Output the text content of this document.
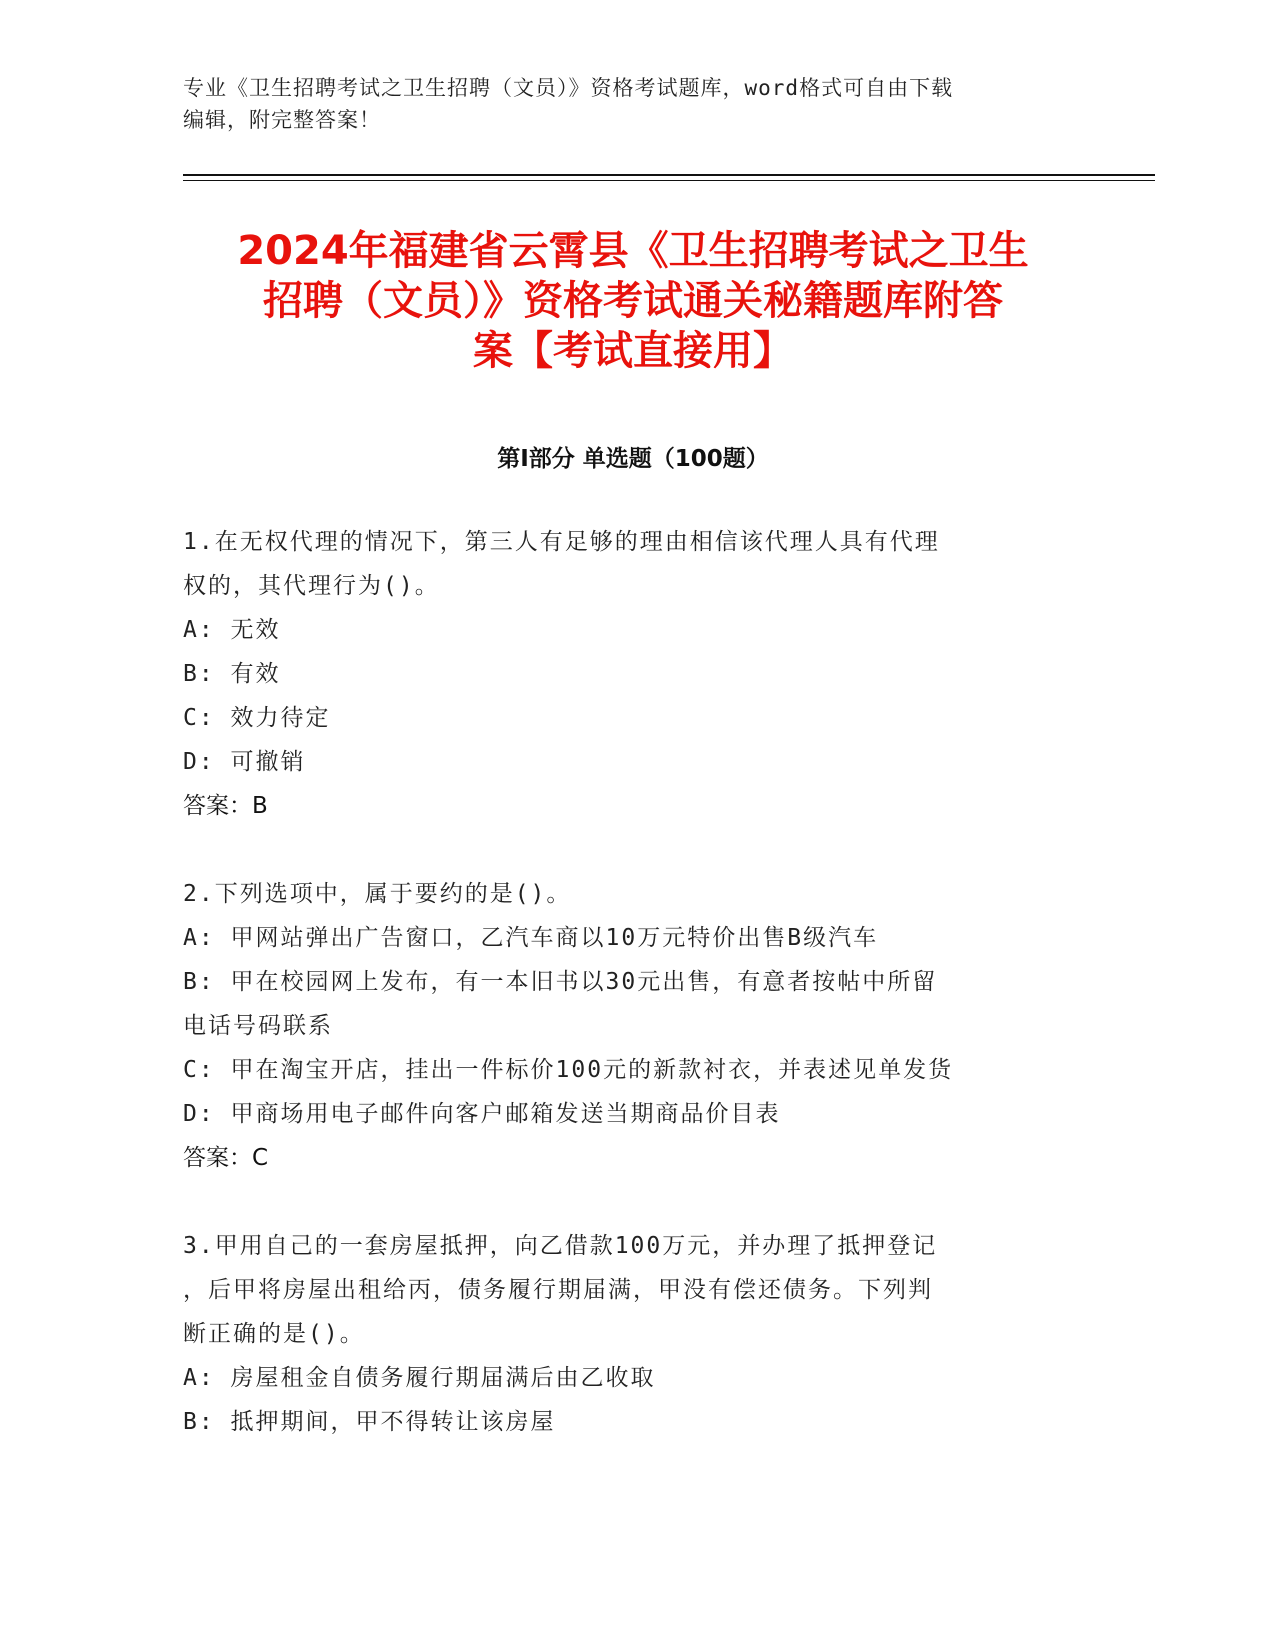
专业《卫生招聘考试之卫生招聘（文员）》资格考试题库，word格式可自由下载
编辑，附完整答案！
2024年福建省云霄县《卫生招聘考试之卫生
招聘（文员）》资格考试通关秘籍题库附答
案【考试直接用】
第Ⅰ部分 单选题（100题）
1.在无权代理的情况下，第三人有足够的理由相信该代理人具有代理
权的，其代理行为()。
A: 无效
B: 有效
C: 效力待定
D: 可撤销
答案：B
2.下列选项中，属于要约的是()。
A: 甲网站弹出广告窗口，乙汽车商以10万元特价出售B级汽车
B: 甲在校园网上发布，有一本旧书以30元出售，有意者按帖中所留
电话号码联系
C: 甲在淘宝开店，挂出一件标价100元的新款衬衣，并表述见单发货
D: 甲商场用电子邮件向客户邮箱发送当期商品价目表
答案：C
3.甲用自己的一套房屋抵押，向乙借款100万元，并办理了抵押登记
，后甲将房屋出租给丙，债务履行期届满，甲没有偿还债务。下列判
断正确的是()。
A: 房屋租金自债务履行期届满后由乙收取
B: 抵押期间，甲不得转让该房屋
